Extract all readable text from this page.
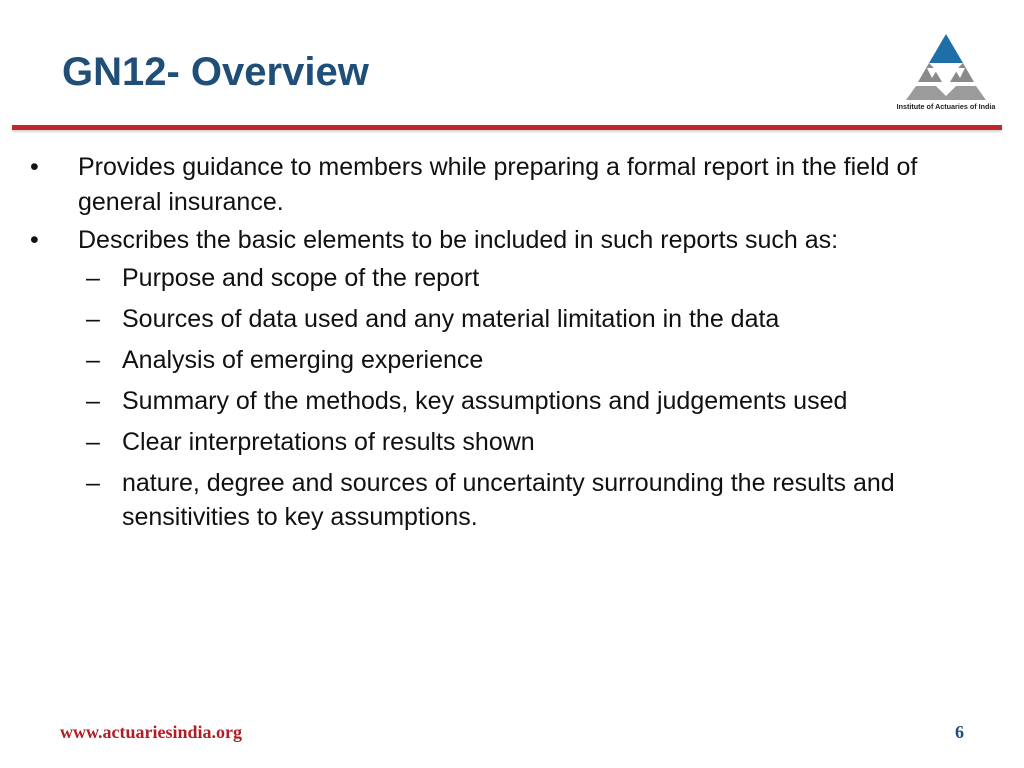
GN12- Overview
Institute of Actuaries of India
•	Provides guidance to members while preparing a formal report in the field of general insurance.
•	Describes the basic elements to be included in such reports such as:
– Purpose and scope of the report
– Sources of data used and any material limitation in the data
– Analysis of emerging experience
– Summary of the methods, key assumptions and judgements used
– Clear interpretations of results shown
– nature, degree and sources of uncertainty surrounding the results and sensitivities to key assumptions.
www.actuariesindia.org	6
